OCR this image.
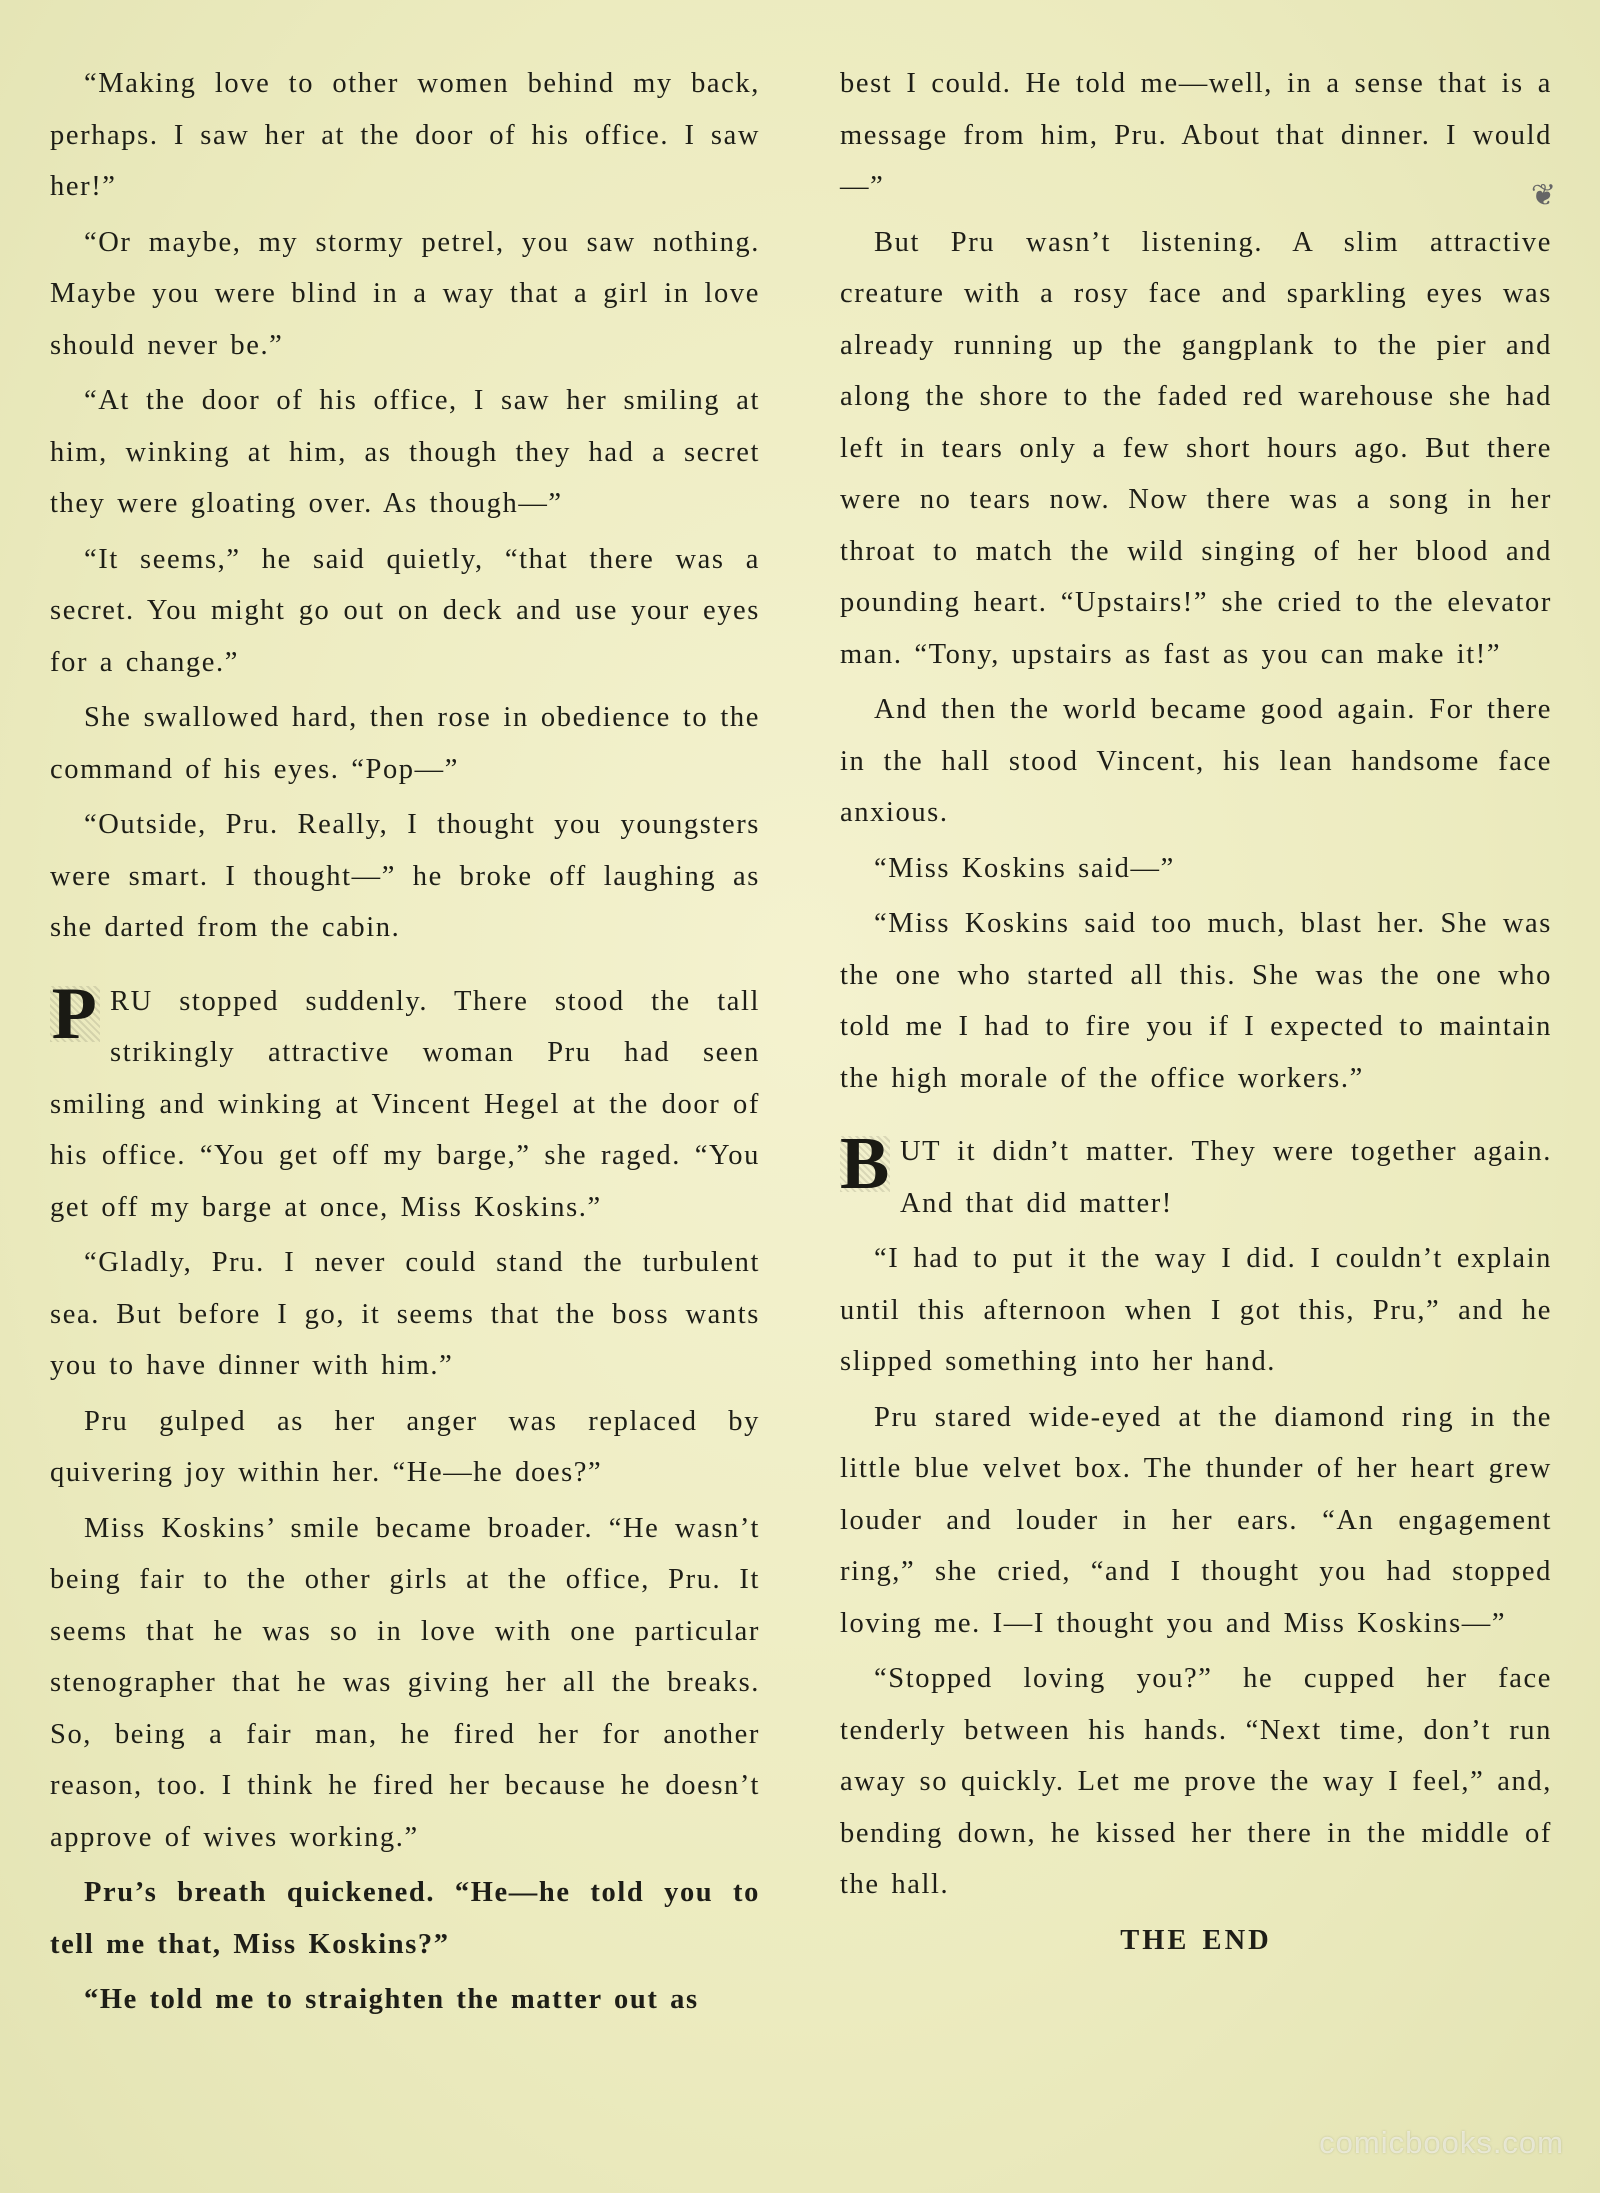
“Making love to other women behind my back, perhaps. I saw her at the door of his office. I saw her!”

“Or maybe, my stormy petrel, you saw nothing. Maybe you were blind in a way that a girl in love should never be.”

“At the door of his office, I saw her smiling at him, winking at him, as though they had a secret they were gloating over. As though—”

“It seems,” he said quietly, “that there was a secret. You might go out on deck and use your eyes for a change.”

She swallowed hard, then rose in obedience to the command of his eyes. “Pop—”

“Outside, Pru. Really, I thought you youngsters were smart. I thought—” he broke off laughing as she darted from the cabin.

P RU stopped suddenly. There stood the tall strikingly attractive woman Pru had seen smiling and winking at Vincent Hegel at the door of his office. “You get off my barge,” she raged. “You get off my barge at once, Miss Koskins.”

“Gladly, Pru. I never could stand the turbulent sea. But before I go, it seems that the boss wants you to have dinner with him.”

Pru gulped as her anger was replaced by quivering joy within her. “He—he does?”

Miss Koskins’ smile became broader. “He wasn’t being fair to the other girls at the office, Pru. It seems that he was so in love with one particular stenographer that he was giving her all the breaks. So, being a fair man, he fired her for another reason, too. I think he fired her because he doesn’t approve of wives working.”

Pru’s breath quickened. “He—he told you to tell me that, Miss Koskins?”

“He told me to straighten the matter out as

best I could. He told me—well, in a sense that is a message from him, Pru. About that dinner. I would—”

But Pru wasn’t listening. A slim attractive creature with a rosy face and sparkling eyes was already running up the gangplank to the pier and along the shore to the faded red warehouse she had left in tears only a few short hours ago. But there were no tears now. Now there was a song in her throat to match the wild singing of her blood and pounding heart. “Upstairs!” she cried to the elevator man. “Tony, upstairs as fast as you can make it!”

And then the world became good again. For there in the hall stood Vincent, his lean handsome face anxious.

“Miss Koskins said—”

“Miss Koskins said too much, blast her. She was the one who started all this. She was the one who told me I had to fire you if I expected to maintain the high morale of the office workers.”

B UT it didn’t matter. They were together again. And that did matter!

“I had to put it the way I did. I couldn’t explain until this afternoon when I got this, Pru,” and he slipped something into her hand.

Pru stared wide-eyed at the diamond ring in the little blue velvet box. The thunder of her heart grew louder and louder in her ears. “An engagement ring,” she cried, “and I thought you had stopped loving me. I—I thought you and Miss Koskins—”

“Stopped loving you?” he cupped her face tenderly between his hands. “Next time, don’t run away so quickly. Let me prove the way I feel,” and, bending down, he kissed her there in the middle of the hall.

THE END

❦
comicbooks.com
